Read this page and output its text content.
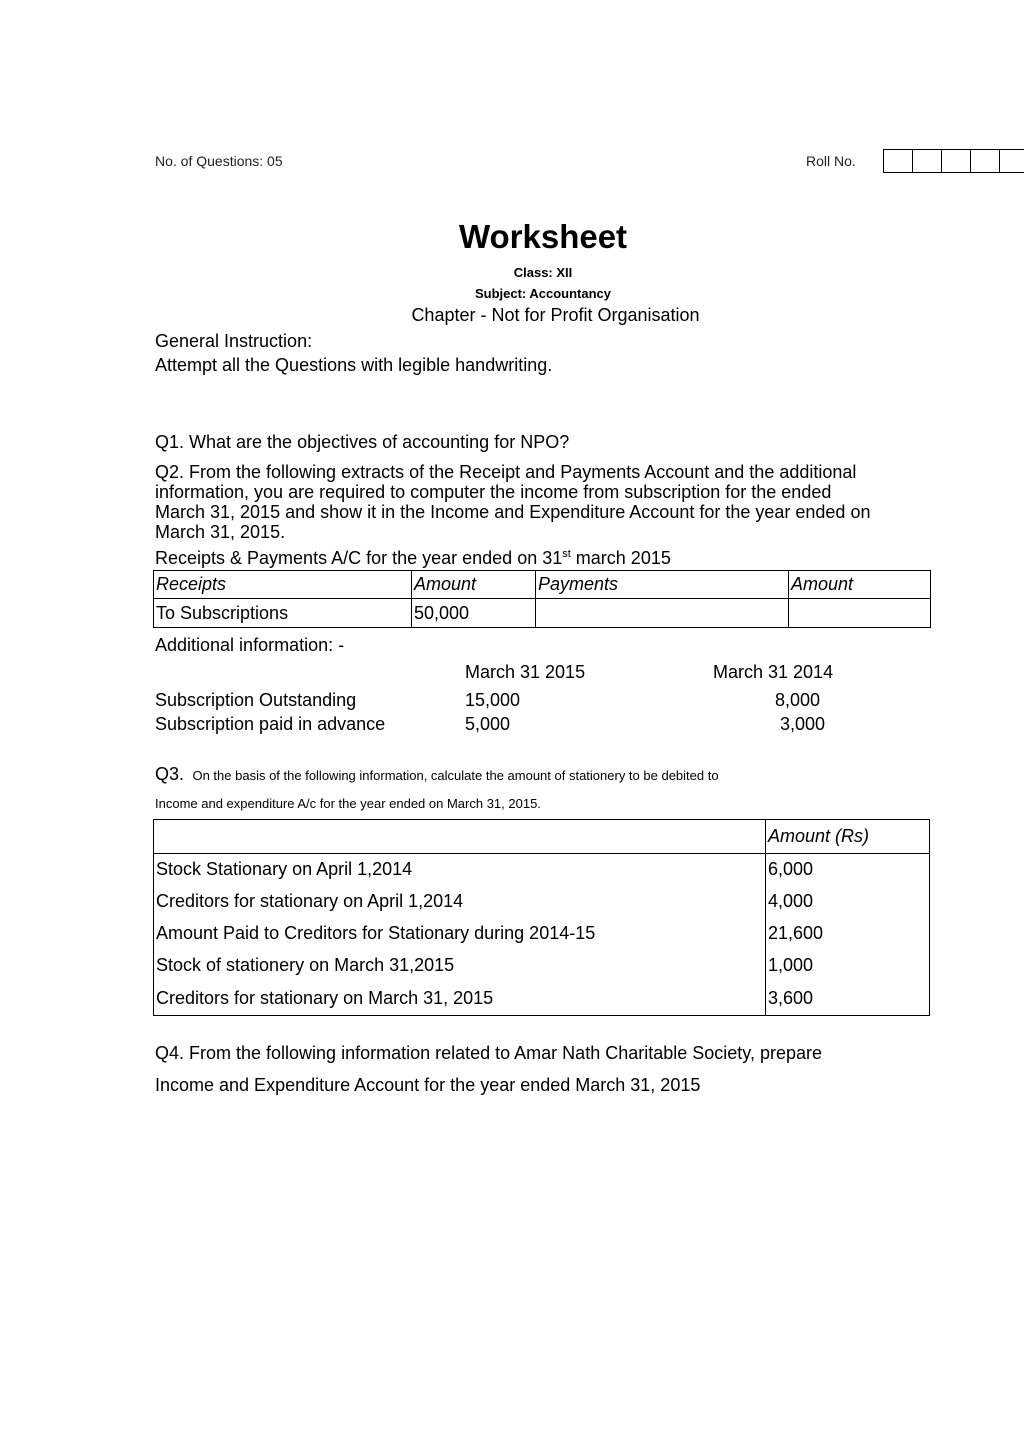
No. of Questions: 05	Roll No.
Worksheet
Class: XII
Subject: Accountancy
Chapter - Not for Profit Organisation
General Instruction:
Attempt all the Questions with legible handwriting.
Q1. What are the objectives of accounting for NPO?
Q2. From the following extracts of the Receipt and Payments Account and the additional
information, you are required to computer the income from subscription for the ended
March 31, 2015 and show it in the Income and Expenditure Account for the year ended on
March 31, 2015.
Receipts & Payments A/C for the year ended on 31st march 2015
Receipts	Amount	Payments	Amount
To Subscriptions	50,000		
Additional information: -
March 31 2015	March 31 2014
Subscription Outstanding	15,000	8,000
Subscription paid in advance	5,000	3,000
Q3. On the basis of the following information, calculate the amount of stationery to be debited to
Income and expenditure A/c for the year ended on March 31, 2015.
	Amount (Rs)
Stock Stationary on April 1,2014	6,000
Creditors for stationary on April 1,2014	4,000
Amount Paid to Creditors for Stationary during 2014-15	21,600
Stock of stationery on March 31,2015	1,000
Creditors for stationary on March 31, 2015	3,600
Q4. From the following information related to Amar Nath Charitable Society, prepare
Income and Expenditure Account for the year ended March 31, 2015
